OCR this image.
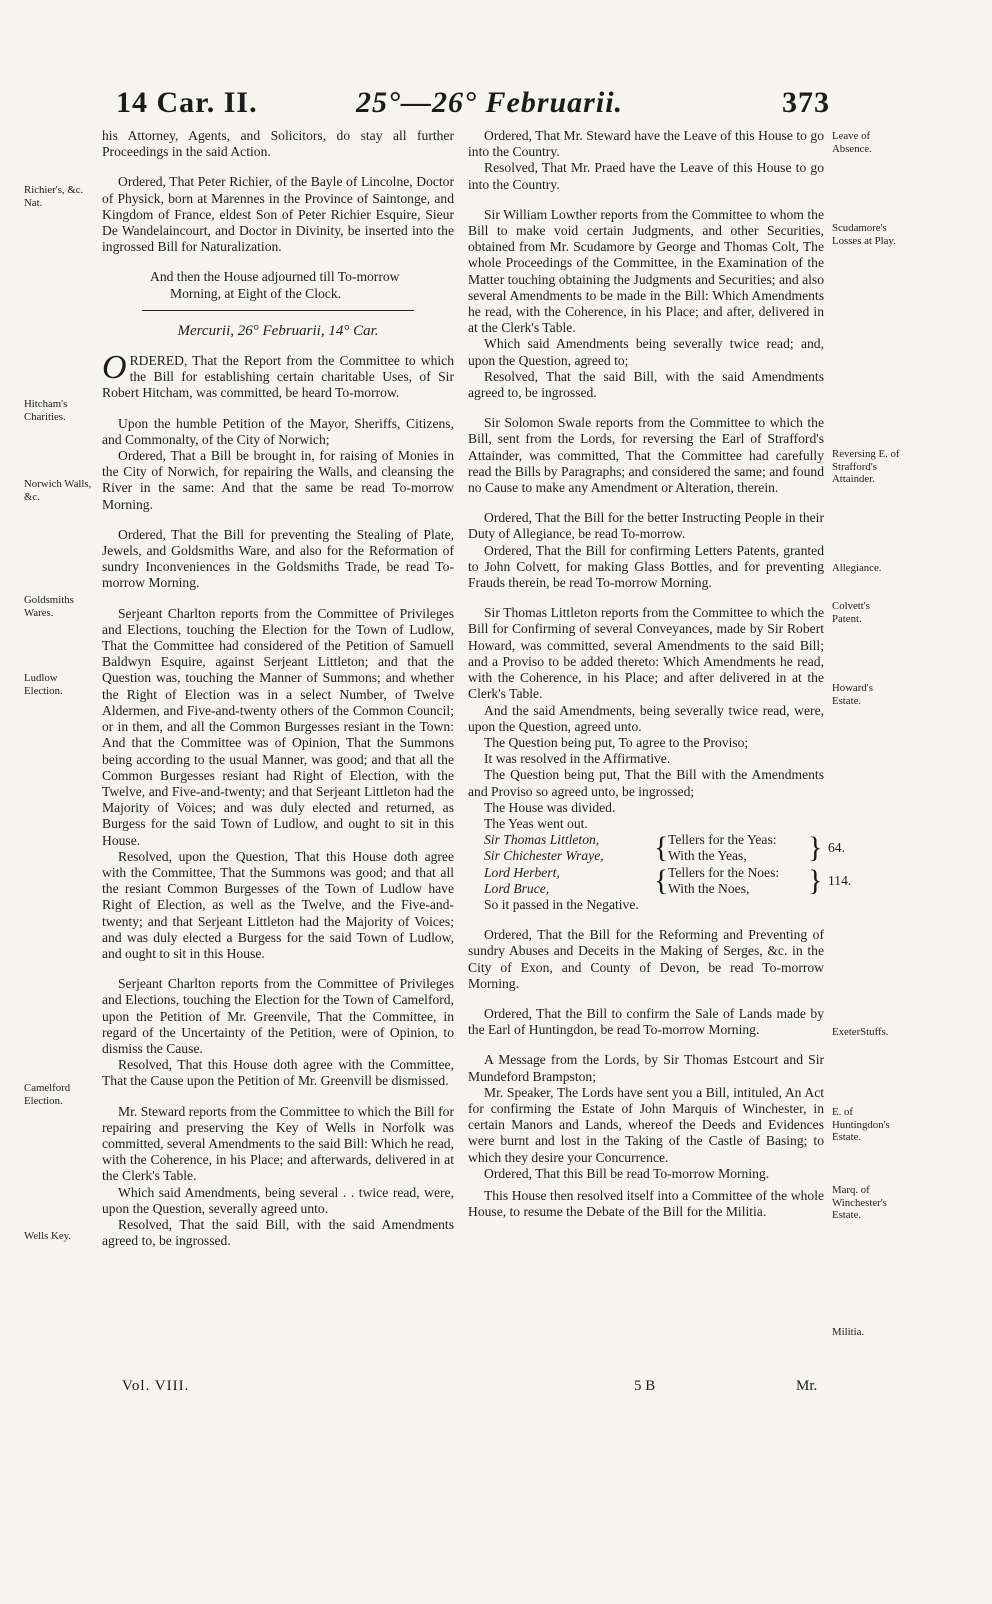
14 Car. II.	25°—26° Februarii.	373
Richier's, &c. Nat.
Hitcham's Charities.
Norwich Walls, &c.
Goldsmiths Wares.
Ludlow Election.
Camelford Election.
Wells Key.

his Attorney, Agents, and Solicitors, do stay all further Proceedings in the said Action.

Ordered, That Peter Richier, of the Bayle of Lincolne, Doctor of Physick, born at Marennes in the Province of Saintonge, and Kingdom of France, eldest Son of Peter Richier Esquire, Sieur De Wandelaincourt, and Doctor in Divinity, be inserted into the ingrossed Bill for Naturalization.

And then the House adjourned till To-morrow Morning, at Eight of the Clock.

Mercurii, 26° Februarii, 14° Car.

ORDERED, That the Report from the Committee to which the Bill for establishing certain charitable Uses, of Sir Robert Hitcham, was committed, be heard To-morrow.

Upon the humble Petition of the Mayor, Sheriffs, Citizens, and Commonalty, of the City of Norwich;

Ordered, That a Bill be brought in, for raising of Monies in the City of Norwich, for repairing the Walls, and cleansing the River in the same: And that the same be read To-morrow Morning.

Ordered, That the Bill for preventing the Stealing of Plate, Jewels, and Goldsmiths Ware, and also for the Reformation of sundry Inconveniences in the Goldsmiths Trade, be read To-morrow Morning.

Serjeant Charlton reports from the Committee of Privileges and Elections, touching the Election for the Town of Ludlow, That the Committee had considered of the Petition of Samuell Baldwyn Esquire, against Serjeant Littleton; and that the Question was, touching the Manner of Summons; and whether the Right of Election was in a select Number, of Twelve Aldermen, and Five-and-twenty others of the Common Council; or in them, and all the Common Burgesses resiant in the Town: And that the Committee was of Opinion, That the Summons being according to the usual Manner, was good; and that all the Common Burgesses resiant had Right of Election, with the Twelve, and Five-and-twenty; and that Serjeant Littleton had the Majority of Voices; and was duly elected and returned, as Burgess for the said Town of Ludlow, and ought to sit in this House.

Resolved, upon the Question, That this House doth agree with the Committee, That the Summons was good; and that all the resiant Common Burgesses of the Town of Ludlow have Right of Election, as well as the Twelve, and the Five-and-twenty; and that Serjeant Littleton had the Majority of Voices; and was duly elected a Burgess for the said Town of Ludlow, and ought to sit in this House.

Serjeant Charlton reports from the Committee of Privileges and Elections, touching the Election for the Town of Camelford, upon the Petition of Mr. Greenvile, That the Committee, in regard of the Uncertainty of the Petition, were of Opinion, to dismiss the Cause.

Resolved, That this House doth agree with the Committee, That the Cause upon the Petition of Mr. Greenvill be dismissed.

Mr. Steward reports from the Committee to which the Bill for repairing and preserving the Key of Wells in Norfolk was committed, several Amendments to the said Bill: Which he read, with the Coherence, in his Place; and afterwards, delivered in at the Clerk's Table.

Which said Amendments, being several . . twice read, were, upon the Question, severally agreed unto.

Resolved, That the said Bill, with the said Amendments agreed to, be ingrossed.

Vol. VIII.

Ordered, That Mr. Steward have the Leave of this House to go into the Country.

Resolved, That Mr. Praed have the Leave of this House to go into the Country.

Sir William Lowther reports from the Committee to whom the Bill to make void certain Judgments, and other Securities, obtained from Mr. Scudamore by George and Thomas Colt, The whole Proceedings of the Committee, in the Examination of the Matter touching obtaining the Judgments and Securities; and also several Amendments to be made in the Bill: Which Amendments he read, with the Coherence, in his Place; and after, delivered in at the Clerk's Table.

Which said Amendments being severally twice read; and, upon the Question, agreed to;

Resolved, That the said Bill, with the said Amendments agreed to, be ingrossed.

Sir Solomon Swale reports from the Committee to which the Bill, sent from the Lords, for reversing the Earl of Strafford's Attainder, was committed, That the Committee had carefully read the Bills by Paragraphs; and considered the same; and found no Cause to make any Amendment or Alteration, therein.

Ordered, That the Bill for the better Instructing People in their Duty of Allegiance, be read To-morrow.

Ordered, That the Bill for confirming Letters Patents, granted to John Colvett, for making Glass Bottles, and for preventing Frauds therein, be read To-morrow Morning.

Sir Thomas Littleton reports from the Committee to which the Bill for Confirming of several Conveyances, made by Sir Robert Howard, was committed, several Amendments to the said Bill; and a Proviso to be added thereto: Which Amendments he read, with the Coherence, in his Place; and after delivered in at the Clerk's Table.

And the said Amendments, being severally twice read, were, upon the Question, agreed unto.

The Question being put, To agree to the Proviso;

It was resolved in the Affirmative.

The Question being put, That the Bill with the Amendments and Proviso so agreed unto, be ingrossed;

The House was divided.

The Yeas went out.

Sir Thomas Littleton,	{ Tellers for the Yeas:	} 64.
Sir Chichester Wraye,	With the Yeas,
Lord Herbert,	{ Tellers for the Noes: } 114.
Lord Bruce,	With the Noes,

So it passed in the Negative.

Ordered, That the Bill for the Reforming and Preventing of sundry Abuses and Deceits in the Making of Serges, &c. in the City of Exon, and County of Devon, be read To-morrow Morning.

Ordered, That the Bill to confirm the Sale of Lands made by the Earl of Huntingdon, be read To-morrow Morning.

A Message from the Lords, by Sir Thomas Estcourt and Sir Mundeford Brampston;

Mr. Speaker, The Lords have sent you a Bill, intituled, An Act for confirming the Estate of John Marquis of Winchester, in certain Manors and Lands, whereof the Deeds and Evidences were burnt and lost in the Taking of the Castle of Basing; to which they desire your Concurrence.

Ordered, That this Bill be read To-morrow Morning.

This House then resolved itself into a Committee of the whole House, to resume the Debate of the Bill for the Militia.

5 B	Mr.
Leave of Absence.
Scudamore's Losses at Play.
Reversing E. of Strafford's Attainder.
Allegiance.
Colvett's Patent.
Howard's Estate.
ExeterStuffs.
E. of Huntingdon's Estate.
Marq. of Winchester's Estate.
Militia.
